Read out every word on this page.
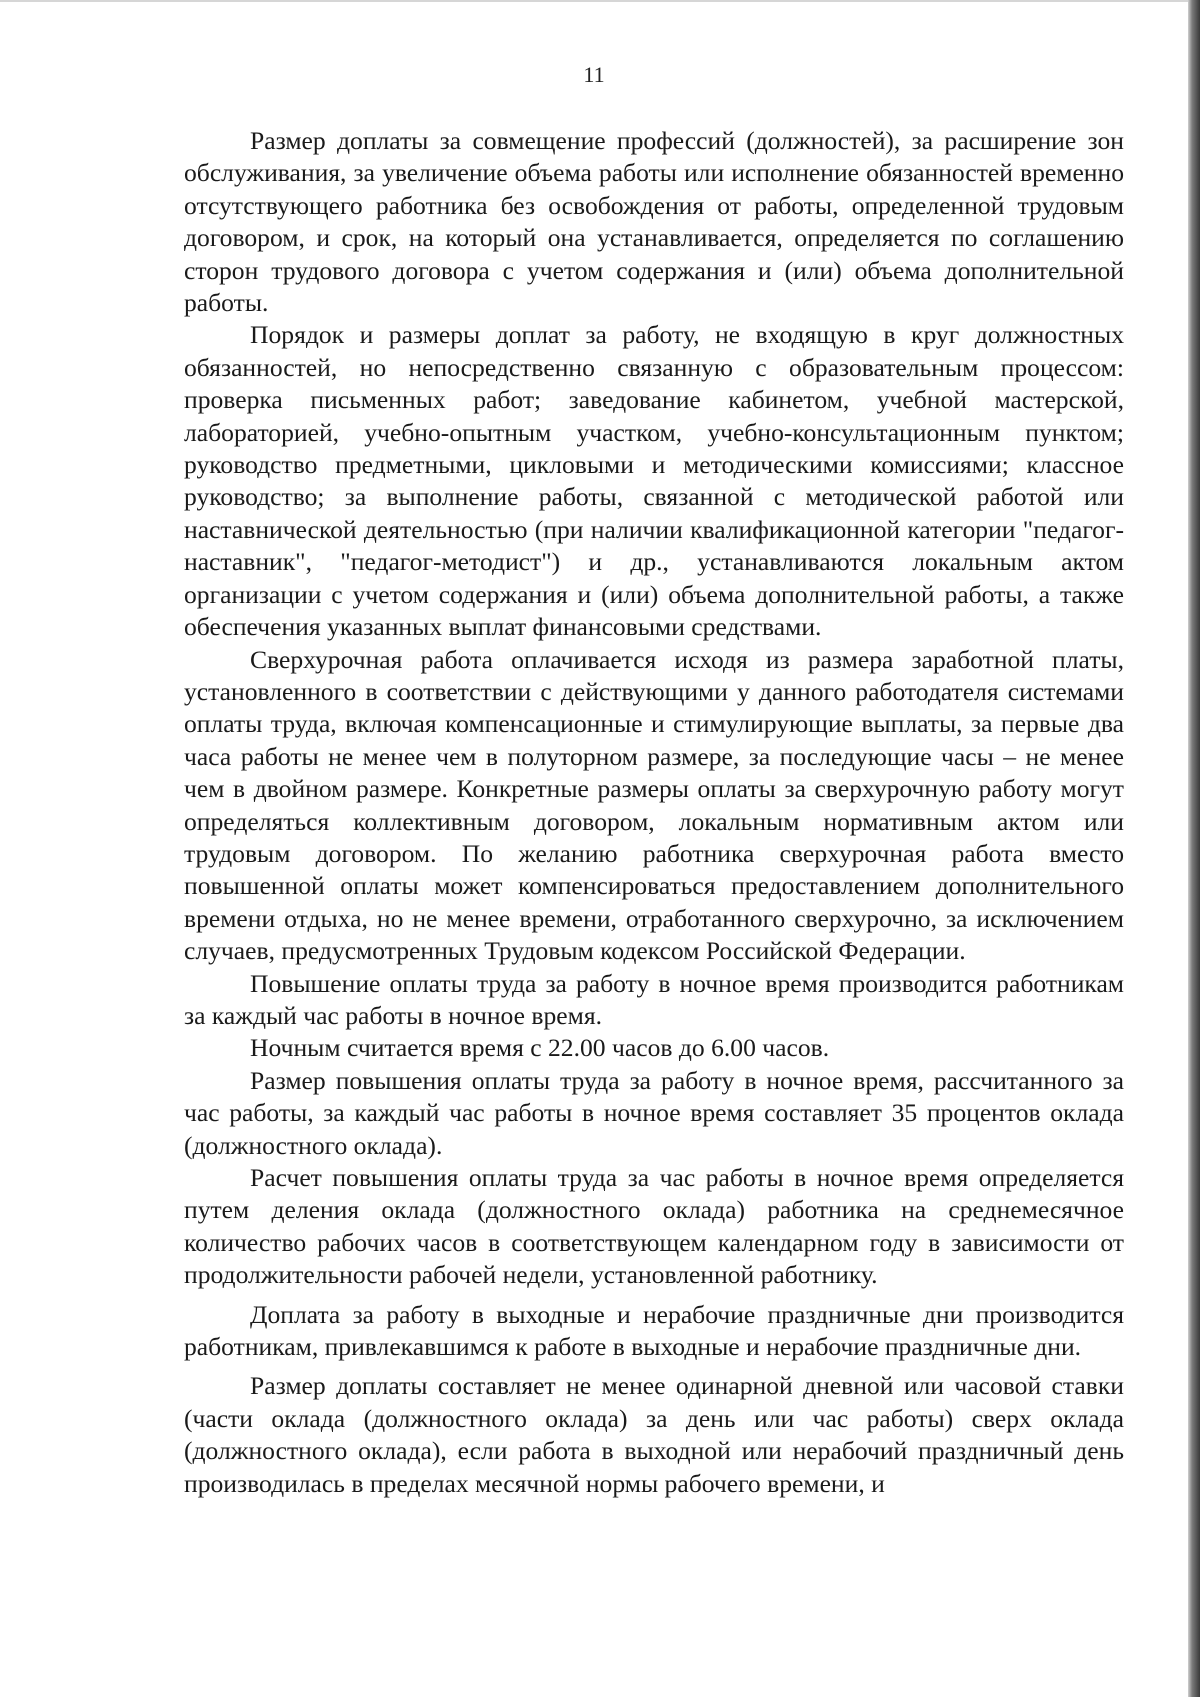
11

Размер доплаты за совмещение профессий (должностей), за расширение зон обслуживания, за увеличение объема работы или исполнение обязанностей временно отсутствующего работника без освобождения от работы, определенной трудовым договором, и срок, на который она устанавливается, определяется по соглашению сторон трудового договора с учетом содержания и (или) объема дополнительной работы.

Порядок и размеры доплат за работу, не входящую в круг должностных обязанностей, но непосредственно связанную с образовательным процессом: проверка письменных работ; заведование кабинетом, учебной мастерской, лабораторией, учебно-опытным участком, учебно-консультационным пунктом; руководство предметными, цикловыми и методическими комиссиями; классное руководство; за выполнение работы, связанной с методической работой или наставнической деятельностью (при наличии квалификационной категории "педагог-наставник", "педагог-методист") и др., устанавливаются локальным актом организации с учетом содержания и (или) объема дополнительной работы, а также обеспечения указанных выплат финансовыми средствами.

Сверхурочная работа оплачивается исходя из размера заработной платы, установленного в соответствии с действующими у данного работодателя системами оплаты труда, включая компенсационные и стимулирующие выплаты, за первые два часа работы не менее чем в полуторном размере, за последующие часы – не менее чем в двойном размере. Конкретные размеры оплаты за сверхурочную работу могут определяться коллективным договором, локальным нормативным актом или трудовым договором. По желанию работника сверхурочная работа вместо повышенной оплаты может компенсироваться предоставлением дополнительного времени отдыха, но не менее времени, отработанного сверхурочно, за исключением случаев, предусмотренных Трудовым кодексом Российской Федерации.

Повышение оплаты труда за работу в ночное время производится работникам за каждый час работы в ночное время.

Ночным считается время с 22.00 часов до 6.00 часов.

Размер повышения оплаты труда за работу в ночное время, рассчитанного за час работы, за каждый час работы в ночное время составляет 35 процентов оклада (должностного оклада).

Расчет повышения оплаты труда за час работы в ночное время определяется путем деления оклада (должностного оклада) работника на среднемесячное количество рабочих часов в соответствующем календарном году в зависимости от продолжительности рабочей недели, установленной работнику.

Доплата за работу в выходные и нерабочие праздничные дни производится работникам, привлекавшимся к работе в выходные и нерабочие праздничные дни.

Размер доплаты составляет не менее одинарной дневной или часовой ставки (части оклада (должностного оклада) за день или час работы) сверх оклада (должностного оклада), если работа в выходной или нерабочий праздничный день производилась в пределах месячной нормы рабочего времени, и
